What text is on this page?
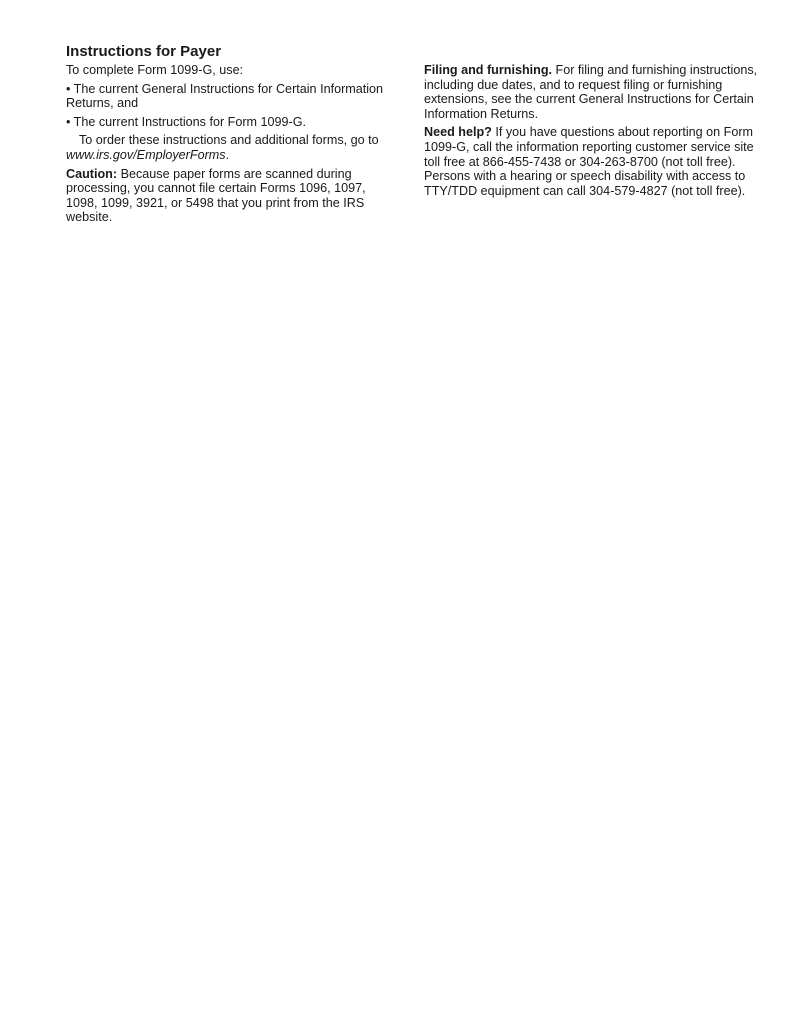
Instructions for Payer

To complete Form 1099-G, use:

• The current General Instructions for Certain Information Returns, and

• The current Instructions for Form 1099-G.

To order these instructions and additional forms, go to www.irs.gov/EmployerForms.

Caution: Because paper forms are scanned during processing, you cannot file certain Forms 1096, 1097, 1098, 1099, 3921, or 5498 that you print from the IRS website.

Filing and furnishing. For filing and furnishing instructions, including due dates, and to request filing or furnishing extensions, see the current General Instructions for Certain Information Returns.

Need help? If you have questions about reporting on Form 1099-G, call the information reporting customer service site toll free at 866-455-7438 or 304-263-8700 (not toll free). Persons with a hearing or speech disability with access to TTY/TDD equipment can call 304-579-4827 (not toll free).
